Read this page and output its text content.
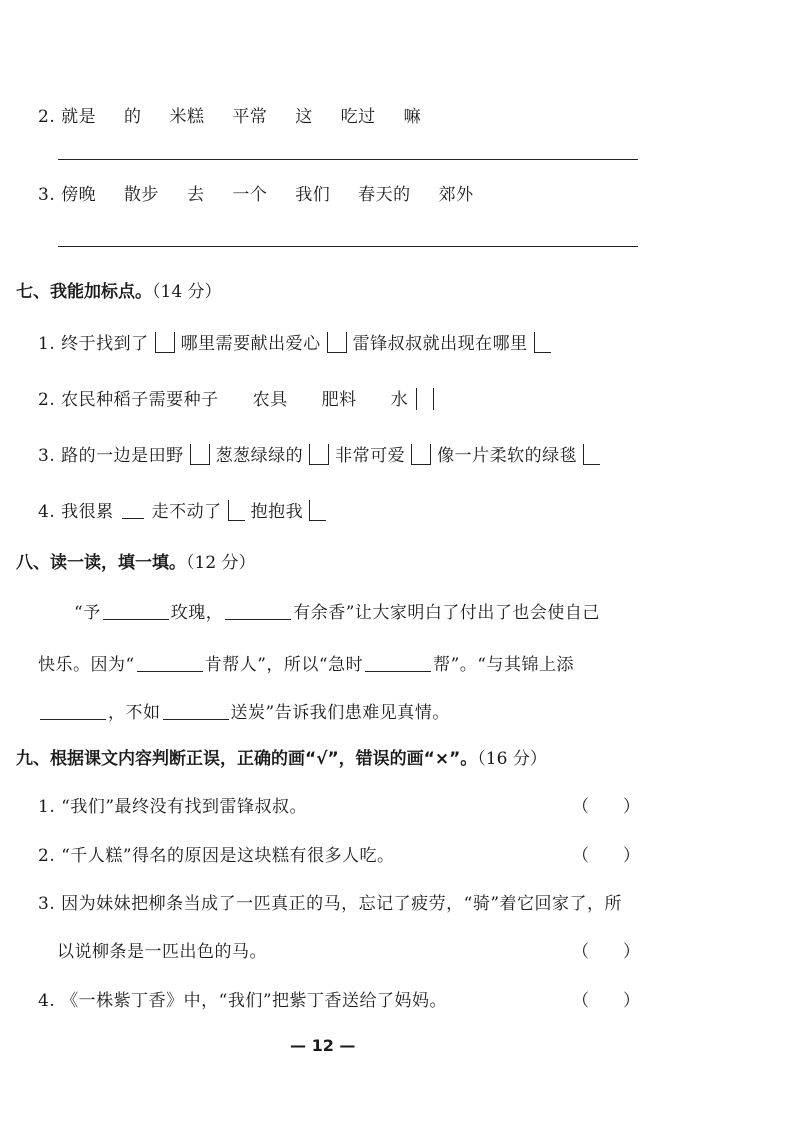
2. 就是 的 米糕 平常 这 吃过 嘛
3. 傍晚 散步 去 一个 我们 春天的 郊外
七、我能加标点。（14 分）
1. 终于找到了 哪里需要献出爱心 雷锋叔叔就出现在哪里
2. 农民种稻子需要种子 农具 肥料 水
3. 路的一边是田野 葱葱绿绿的 非常可爱 像一片柔软的绿毯
4. 我很累 走不动了 抱抱我
八、读一读，填一填。（12 分）
“予	玫瑰，	有余香”让大家明白了付出了也会使自己
快乐。因为“	肯帮人”，所以“急时	帮”。“与其锦上添
，不如	送炭”告诉我们患难见真情。
九、根据课文内容判断正误，正确的画“√”，错误的画“×”。（16 分）
1. “我们”最终没有找到雷锋叔叔。	（　　）
2. “千人糕”得名的原因是这块糕有很多人吃。	（　　）
3. 因为妹妹把柳条当成了一匹真正的马，忘记了疲劳，“骑”着它回家了，所
以说柳条是一匹出色的马。	（　　）
4. 《一株紫丁香》中，“我们”把紫丁香送给了妈妈。	（　　）
— 12 —
